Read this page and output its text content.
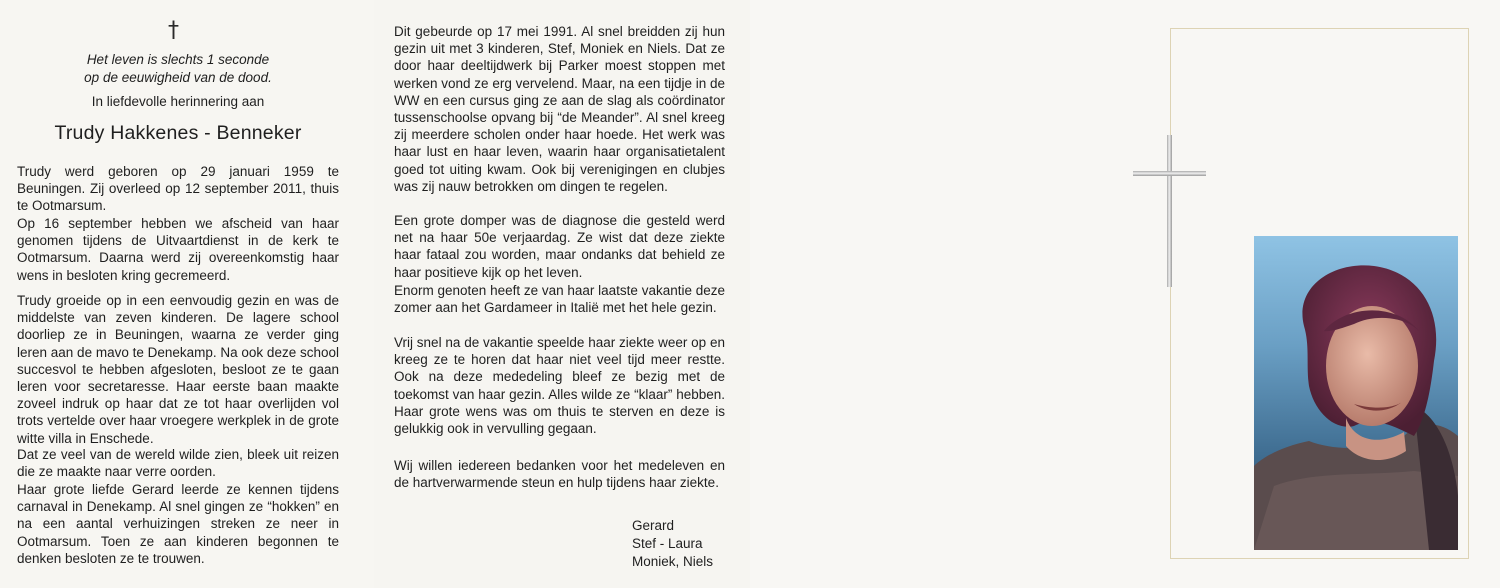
†
Het leven is slechts 1 seconde
op de eeuwigheid van de dood.
In liefdevolle herinnering aan
Trudy Hakkenes - Benneker

Trudy werd geboren op 29 januari 1959 te Beuningen. Zij overleed op 12 september 2011, thuis te Ootmarsum.

Op 16 september hebben we afscheid van haar genomen tijdens de Uitvaartdienst in de kerk te Ootmarsum. Daarna werd zij overeenkomstig haar wens in besloten kring gecremeerd.

Trudy groeide op in een eenvoudig gezin en was de middelste van zeven kinderen. De lagere school doorliep ze in Beuningen, waarna ze verder ging leren aan de mavo te Denekamp. Na ook deze school succesvol te hebben afgesloten, besloot ze te gaan leren voor secretaresse. Haar eerste baan maakte zoveel indruk op haar dat ze tot haar overlijden vol trots vertelde over haar vroegere werkplek in de grote witte villa in Enschede.

Dat ze veel van de wereld wilde zien, bleek uit reizen die ze maakte naar verre oorden.

Haar grote liefde Gerard leerde ze kennen tijdens carnaval in Denekamp. Al snel gingen ze “hokken” en na een aantal verhuizingen streken ze neer in Ootmarsum. Toen ze aan kinderen begonnen te denken besloten ze te trouwen.

Dit gebeurde op 17 mei 1991. Al snel breidden zij hun gezin uit met 3 kinderen, Stef, Moniek en Niels. Dat ze door haar deeltijdwerk bij Parker moest stoppen met werken vond ze erg vervelend. Maar, na een tijdje in de WW en een cursus ging ze aan de slag als coördinator tussenschoolse opvang bij “de Meander”. Al snel kreeg zij meerdere scholen onder haar hoede. Het werk was haar lust en haar leven, waarin haar organisatietalent goed tot uiting kwam. Ook bij verenigingen en clubjes was zij nauw betrokken om dingen te regelen.

Een grote domper was de diagnose die gesteld werd net na haar 50e verjaardag. Ze wist dat deze ziekte haar fataal zou worden, maar ondanks dat behield ze haar positieve kijk op het leven.

Enorm genoten heeft ze van haar laatste vakantie deze zomer aan het Gardameer in Italië met het hele gezin.

Vrij snel na de vakantie speelde haar ziekte weer op en kreeg ze te horen dat haar niet veel tijd meer restte. Ook na deze mededeling bleef ze bezig met de toekomst van haar gezin. Alles wilde ze “klaar” hebben. Haar grote wens was om thuis te sterven en deze is gelukkig ook in vervulling gegaan.

Wij willen iedereen bedanken voor het medeleven en de hartverwarmende steun en hulp tijdens haar ziekte.

Gerard
Stef - Laura
Moniek, Niels
